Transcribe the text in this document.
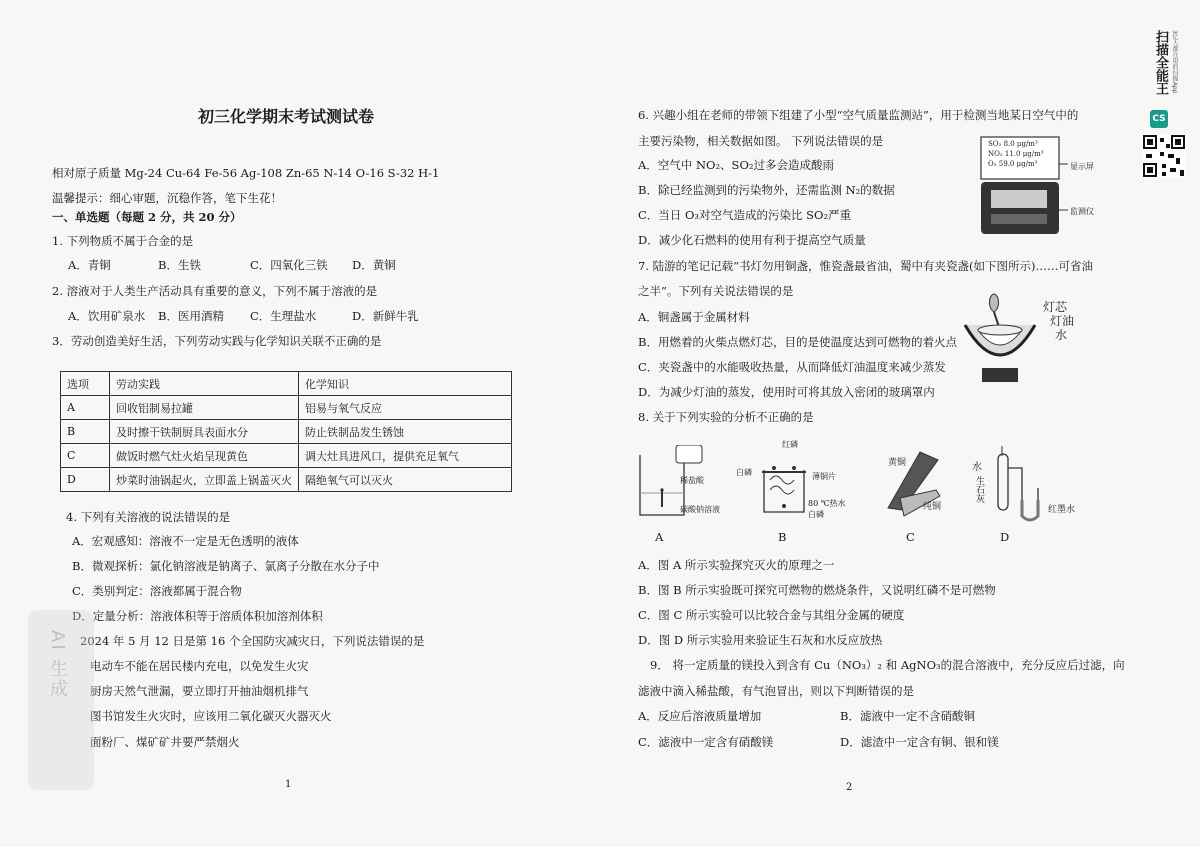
初三化学期末考试测试卷
相对原子质量 Mg-24 Cu-64 Fe-56 Ag-108 Zn-65 N-14 O-16 S-32 H-1
温馨提示：细心审题，沉稳作答，笔下生花！
一、单选题（每题 2 分，共 20 分）
1. 下列物质不属于合金的是
A．青铜	B．生铁	C．四氧化三铁 D．黄铜
2. 溶液对于人类生产活动具有重要的意义，下列不属于溶液的是
A．饮用矿泉水 B．医用酒精 C．生理盐水	D．新鲜牛乳
3．劳动创造美好生活，下列劳动实践与化学知识关联不正确的是
选项	劳动实践	化学知识
A	回收铝制易拉罐	铝易与氧气反应
B	及时擦干铁制厨具表面水分	防止铁制品发生锈蚀
C	做饭时燃气灶火焰呈现黄色	调大灶具进风口，提供充足氧气
D	炒菜时油锅起火，立即盖上锅盖灭火	隔绝氧气可以灭火
4. 下列有关溶液的说法错误的是
A．宏观感知：溶液不一定是无色透明的液体
B．微观探析：氯化钠溶液是钠离子、氯离子分散在水分子中
C．类别判定：溶液都属于混合物
D．定量分析：溶液体积等于溶质体积加溶剂体积
2024 年 5 月 12 日是第 16 个全国防灾减灾日，下列说法错误的是
电动车不能在居民楼内充电，以免发生火灾
厨房天然气泄漏，要立即打开抽油烟机排气
图书馆发生火灾时，应该用二氧化碳灭火器灭火
面粉厂、煤矿矿井要严禁烟火
1
AI 生成
6. 兴趣小组在老师的带领下组建了小型“空气质量监测站”，用于检测当地某日空气中的
主要污染物，相关数据如图。 下列说法错误的是
A．空气中 NO₂、SO₂过多会造成酸雨
B．除已经监测到的污染物外，还需监测 N₂的数据
C．当日 O₃对空气造成的污染比 SO₂严重
D．减少化石燃料的使用有利于提高空气质量
SO₂ 8.0 μg/m³
NO₂ 11.0 μg/m³
O₃ 59.0 μg/m³	显示屏
监测仪
7. 陆游的笔记记载“书灯勿用铜盏，惟瓷盏最省油，蜀中有夹瓷盏(如下图所示)……可省油
之半”。下列有关说法错误的是
A．铜盏属于金属材料
B．用燃着的火柴点燃灯芯，目的是使温度达到可燃物的着火点
C．夹瓷盏中的水能吸收热量，从而降低灯油温度来减少蒸发
D．为减少灯油的蒸发，使用时可将其放入密闭的玻璃罩内
灯芯
灯油
水
8. 关于下列实验的分析不正确的是
稀盐酸
碳酸钠溶液
A
红磷
白磷	薄铜片
80 ℃热水
白磷
B
黄铜
纯铜
C
水
生石灰
红墨水
D
A．图 A 所示实验探究灭火的原理之一
B．图 B 所示实验既可探究可燃物的燃烧条件，又说明红磷不是可燃物
C．图 C 所示实验可以比较合金与其组分金属的硬度
D．图 D 所示实验用来验证生石灰和水反应放热
9． 将一定质量的镁投入到含有 Cu（NO₃）₂ 和 AgNO₃的混合溶液中，充分反应后过滤，向
滤液中滴入稀盐酸，有气泡冒出，则以下判断错误的是
A．反应后溶液质量增加	B．滤液中一定不含硝酸铜
C．滤液中一定含有硝酸镁	D．滤渣中一定含有铜、银和镁
2
CS
扫描全能王 3亿人都在用的扫描App
